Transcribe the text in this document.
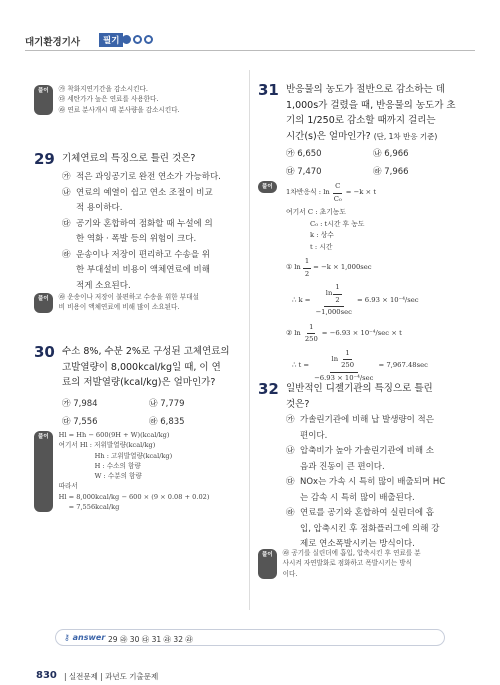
대기환경기사	필기
풀이	㉮ 착화지연기간을 감소시킨다.
㉰ 세탄가가 높은 연료를 사용한다.
㉱ 연료 분사개시 때 분사량을 감소시킨다.
29 기체연료의 특징으로 틀린 것은?
㉮ 적은 과잉공기로 완전 연소가 가능하다.
㉯ 연료의 예열이 쉽고 연소 조절이 비교
적 용이하다.
㉰ 공기와 혼합하여 점화할 때 누설에 의
한 역화 · 폭발 등의 위험이 크다.
㉱ 운송이나 저장이 편리하고 수송을 위
한 부대설비 비용이 액체연료에 비해
적게 소요된다.
풀이	㉱ 운송이나 저장이 불편하고 수송을 위한 부대설
비 비용이 액체연료에 비해 많이 소요된다.
30 수소 8%, 수분 2%로 구성된 고체연료의
고발열량이 8,000kcal/kg일 때, 이 연
료의 저발열량(kcal/kg)은 얼마인가?
㉮ 7,984	㉯ 7,779
㉰ 7,556	㉱ 6,835
풀이	Hl = Hh − 600(9H + W)(kcal/kg)
여기서 Hl : 저위발열량(kcal/kg)
Hh : 고위발열량(kcal/kg)
H : 수소의 함량
W : 수분의 함량
따라서
Hl = 8,000kcal/kg − 600 × (9 × 0.08 + 0.02)
= 7,556kcal/kg
31 반응물의 농도가 절반으로 감소하는 데
1,000s가 걸렸을 때, 반응물의 농도가 초
기의 1/250로 감소할 때까지 걸리는
시간(s)은 얼마인가? (단, 1차 반응 기준)
㉮ 6,650	㉯ 6,966
㉰ 7,470	㉱ 7,966
풀이
1차반응식 : $\ln \frac{C}{\text{C₀}} = -k \times t$
여기서 C : 초기농도
C₀ : t시간 후 농도
k : 상수
t : 시간
① $\ln \frac{1}{2} = -k \times 1,000\sec$
∴ $k = \frac{\ln \frac{1}{2}}{-1,000\sec} = 6.93 \times 10^{-4}/\sec$
② $\ln \frac{1}{250} = -6.93 \times 10^{-4}/\sec \times t$
∴ $t = \frac{\ln \frac{1}{250}}{\text{−6.93 × 10⁻⁴/sec}} = 7,967.48\sec$
32 일반적인 디젤기관의 특징으로 틀린
것은?
㉮ 가솔린기관에 비해 납 발생량이 적은
편이다.
㉯ 압축비가 높아 가솔린기관에 비해 소
음과 진동이 큰 편이다.
㉰ NOx는 가속 시 특히 많이 배출되며 HC
는 감속 시 특히 많이 배출된다.
㉱ 연료를 공기와 혼합하여 실린더에 흡
입, 압축시킨 후 점화플러그에 의해 강
제로 연소폭발시키는 방식이다.
풀이	㉱ 공기를 실린더에 흡입, 압축시킨 후 연료를 분
사시켜 자연발화로 점화하고 폭발시키는 방식
이다.
⚷ answer 29 ㉱ 30 ㉰ 31 ㉱ 32 ㉱
830 | 실전문제 | 과년도 기출문제
